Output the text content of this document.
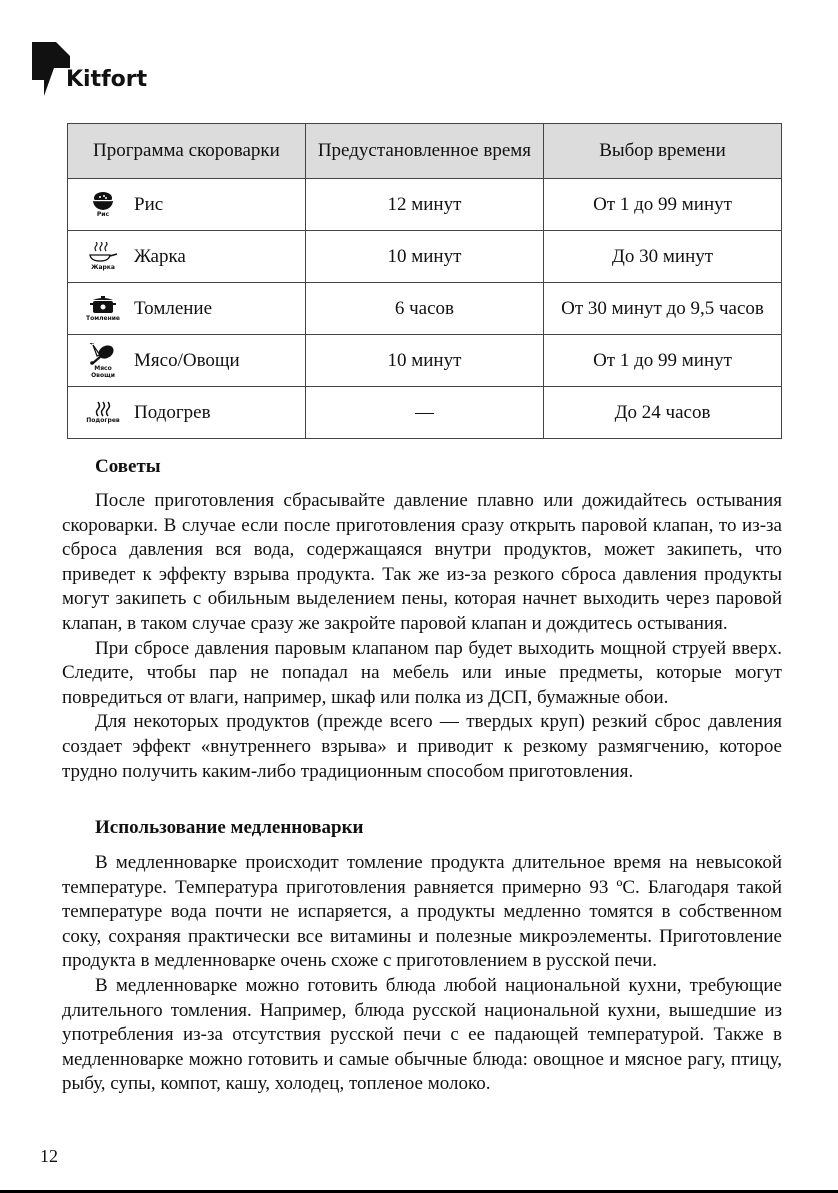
Kitfort
Программа скороварки	Предустановленное время	Выбор времени

Рис Рис	12 минут	От 1 до 99 минут

Жарка
Жарка	10 минут	До 30 минут

Томление Томление	6 часов	От 30 минут до 9,5 часов

Мясо
Овощи
Мясо/Овощи	10 минут	От 1 до 99 минут

Подогрев Подогрев	—	До 24 часов
Советы

После приготовления сбрасывайте давление плавно или дожидайтесь остывания скороварки. В случае если после приготовления сразу открыть паровой клапан, то из-за сброса давления вся вода, содержащаяся внутри продуктов, может закипеть, что приведет к эффекту взрыва продукта. Так же из-за резкого сброса давления продукты могут закипеть с обильным выделением пены, которая начнет выходить через паровой клапан, в таком случае сразу же закройте паровой клапан и дождитесь остывания.

При сбросе давления паровым клапаном пар будет выходить мощной струей вверх. Следите, чтобы пар не попадал на мебель или иные предметы, которые могут повредиться от влаги, например, шкаф или полка из ДСП, бумажные обои.

Для некоторых продуктов (прежде всего — твердых круп) резкий сброс давления создает эффект «внутреннего взрыва» и приводит к резкому размягчению, которое трудно получить каким-либо традиционным способом приготовления.

Использование медленноварки

В медленноварке происходит томление продукта длительное время на невысокой температуре. Температура приготовления равняется примерно 93 ºC. Благодаря такой температуре вода почти не испаряется, а продукты медленно томятся в собственном соку, сохраняя практически все витамины и полезные микроэлементы. Приготовление продукта в медленноварке очень схоже с приготовлением в русской печи.

В медленноварке можно готовить блюда любой национальной кухни, требующие длительного томления. Например, блюда русской национальной кухни, вышедшие из употребления из-за отсутствия русской печи с ее падающей температурой. Также в медленноварке можно готовить и самые обычные блюда: овощное и мясное рагу, птицу, рыбу, супы, компот, кашу, холодец, топленое молоко.

12
